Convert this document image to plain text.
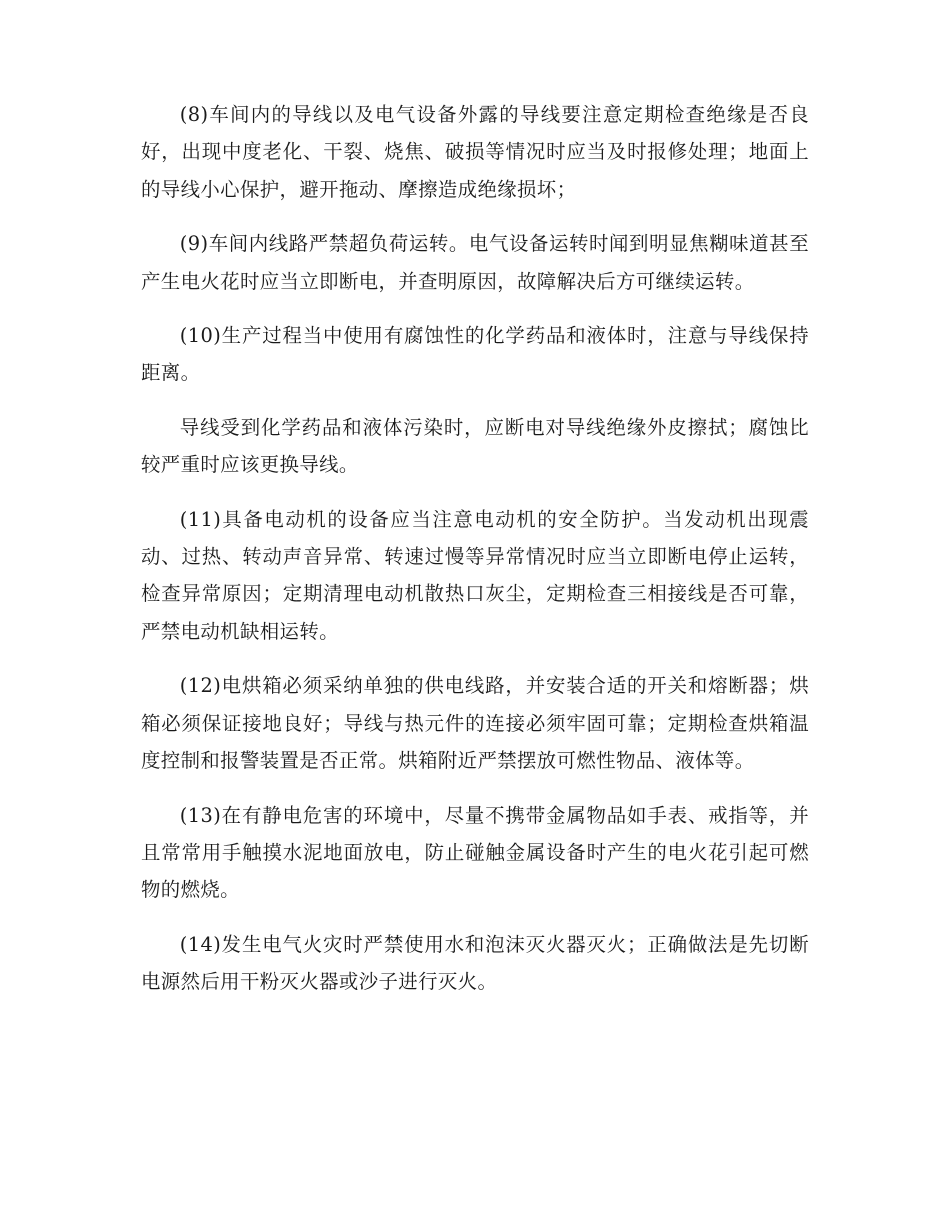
(8)车间内的导线以及电气设备外露的导线要注意定期检查绝缘是否良好，出现中度老化、干裂、烧焦、破损等情况时应当及时报修处理；地面上的导线小心保护，避开拖动、摩擦造成绝缘损坏；

(9)车间内线路严禁超负荷运转。电气设备运转时闻到明显焦糊味道甚至产生电火花时应当立即断电，并查明原因，故障解决后方可继续运转。

(10)生产过程当中使用有腐蚀性的化学药品和液体时，注意与导线保持距离。

导线受到化学药品和液体污染时，应断电对导线绝缘外皮擦拭；腐蚀比较严重时应该更换导线。

(11)具备电动机的设备应当注意电动机的安全防护。当发动机出现震动、过热、转动声音异常、转速过慢等异常情况时应当立即断电停止运转，检查异常原因；定期清理电动机散热口灰尘，定期检查三相接线是否可靠，严禁电动机缺相运转。

(12)电烘箱必须采纳单独的供电线路，并安装合适的开关和熔断器；烘箱必须保证接地良好；导线与热元件的连接必须牢固可靠；定期检查烘箱温度控制和报警装置是否正常。烘箱附近严禁摆放可燃性物品、液体等。

(13)在有静电危害的环境中，尽量不携带金属物品如手表、戒指等，并且常常用手触摸水泥地面放电，防止碰触金属设备时产生的电火花引起可燃物的燃烧。

(14)发生电气火灾时严禁使用水和泡沫灭火器灭火；正确做法是先切断电源然后用干粉灭火器或沙子进行灭火。
